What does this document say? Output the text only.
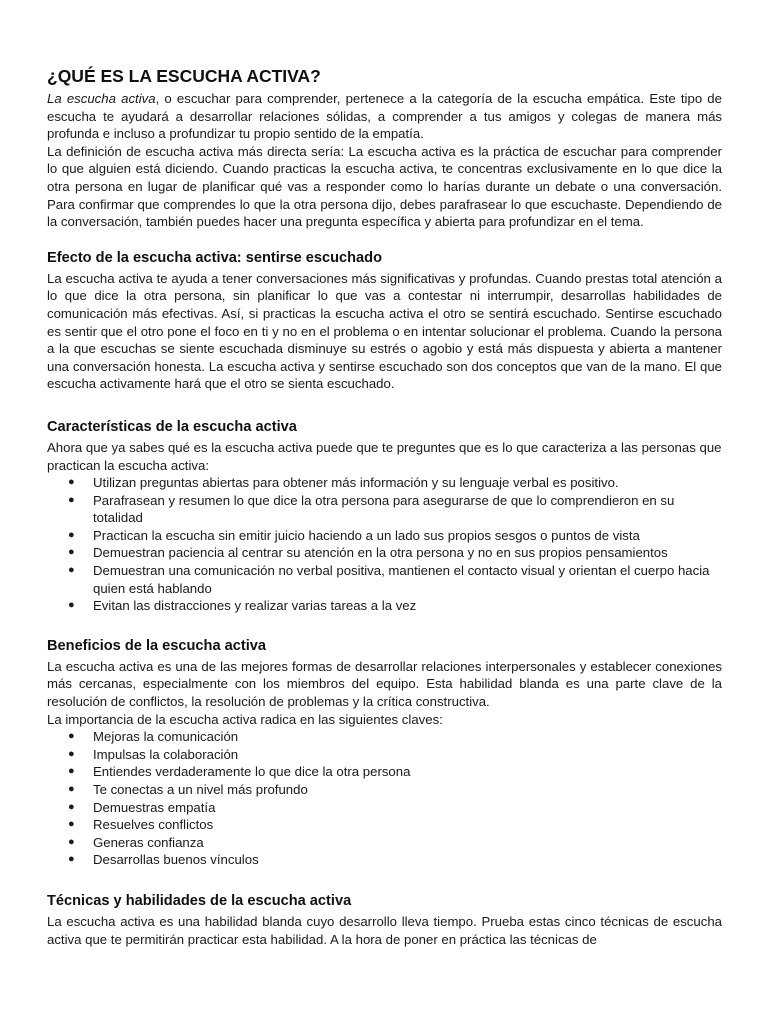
¿QUÉ ES LA ESCUCHA ACTIVA?

La escucha activa, o escuchar para comprender, pertenece a la categoría de la escucha empática. Este tipo de escucha te ayudará a desarrollar relaciones sólidas, a comprender a tus amigos y colegas de manera más profunda e incluso a profundizar tu propio sentido de la empatía.

La definición de escucha activa más directa sería: La escucha activa es la práctica de escuchar para comprender lo que alguien está diciendo. Cuando practicas la escucha activa, te concentras exclusivamente en lo que dice la otra persona en lugar de planificar qué vas a responder como lo harías durante un debate o una conversación. Para confirmar que comprendes lo que la otra persona dijo, debes parafrasear lo que escuchaste. Dependiendo de la conversación, también puedes hacer una pregunta específica y abierta para profundizar en el tema.

Efecto de la escucha activa: sentirse escuchado

La escucha activa te ayuda a tener conversaciones más significativas y profundas. Cuando prestas total atención a lo que dice la otra persona, sin planificar lo que vas a contestar ni interrumpir, desarrollas habilidades de comunicación más efectivas. Así, si practicas la escucha activa el otro se sentirá escuchado. Sentirse escuchado es sentir que el otro pone el foco en ti y no en el problema o en intentar solucionar el problema. Cuando la persona a la que escuchas se siente escuchada disminuye su estrés o agobio y está más dispuesta y abierta a mantener una conversación honesta. La escucha activa y sentirse escuchado son dos conceptos que van de la mano. El que escucha activamente hará que el otro se sienta escuchado.

Características de la escucha activa

Ahora que ya sabes qué es la escucha activa puede que te preguntes que es lo que caracteriza a las personas que practican la escucha activa:

● Utilizan preguntas abiertas para obtener más información y su lenguaje verbal es positivo.
● Parafrasean y resumen lo que dice la otra persona para asegurarse de que lo comprendieron en su totalidad
● Practican la escucha sin emitir juicio haciendo a un lado sus propios sesgos o puntos de vista
● Demuestran paciencia al centrar su atención en la otra persona y no en sus propios pensamientos
● Demuestran una comunicación no verbal positiva, mantienen el contacto visual y orientan el cuerpo hacia quien está hablando
● Evitan las distracciones y realizar varias tareas a la vez
Beneficios de la escucha activa

La escucha activa es una de las mejores formas de desarrollar relaciones interpersonales y establecer conexiones más cercanas, especialmente con los miembros del equipo. Esta habilidad blanda es una parte clave de la resolución de conflictos, la resolución de problemas y la crítica constructiva.

La importancia de la escucha activa radica en las siguientes claves:

● Mejoras la comunicación
● Impulsas la colaboración
● Entiendes verdaderamente lo que dice la otra persona
● Te conectas a un nivel más profundo
● Demuestras empatía
● Resuelves conflictos
● Generas confianza
● Desarrollas buenos vínculos
Técnicas y habilidades de la escucha activa

La escucha activa es una habilidad blanda cuyo desarrollo lleva tiempo. Prueba estas cinco técnicas de escucha activa que te permitirán practicar esta habilidad. A la hora de poner en práctica las técnicas de
